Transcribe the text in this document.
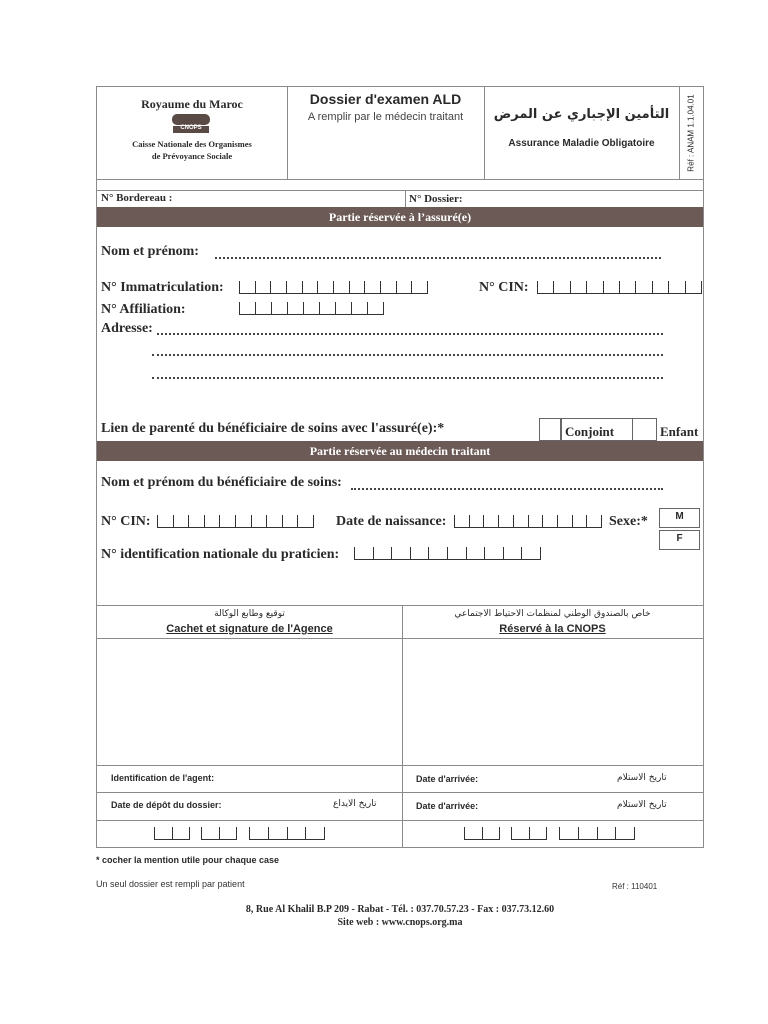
Royaume du Maroc
CNOPS
Caisse Nationale des Organismes
de Prévoyance Sociale
Dossier d'examen ALD
A remplir par le médecin traitant	التأمين الإجباري عن المرض
Assurance Maladie Obligatoire	Réf : ANAM 1.1.04.01
N° Bordereau :	N° Dossier:
Partie réservée à l’assuré(e)
Nom et prénom:
N° Immatriculation:	N° CIN:
N° Affiliation:
Adresse:
Lien de parenté du bénéficiaire de soins avec l'assuré(e):*	Conjoint	Enfant
Partie réservée au médecin traitant
Nom et prénom du bénéficiaire de soins:
N° CIN:	Date de naissance:	Sexe:*	M
F
N° identification nationale du praticien:
توقيع وطابع الوكالة
Cachet et signature de l'Agence
خاص بالصندوق الوطني لمنظمات الاحتياط الاجتماعي
Réservé à la CNOPS
Identification de l'agent:	Date d'arrivée:	تاريخ الاستلام
Date de dépôt du dossier:	تاريخ الايداع	Date d'arrivée:	تاريخ الاستلام
* cocher la mention utile pour chaque case
Un seul dossier est rempli par patient	Réf : 110401
8, Rue Al Khalil B.P 209 - Rabat - Tél. : 037.70.57.23 - Fax : 037.73.12.60
Site web : www.cnops.org.ma
